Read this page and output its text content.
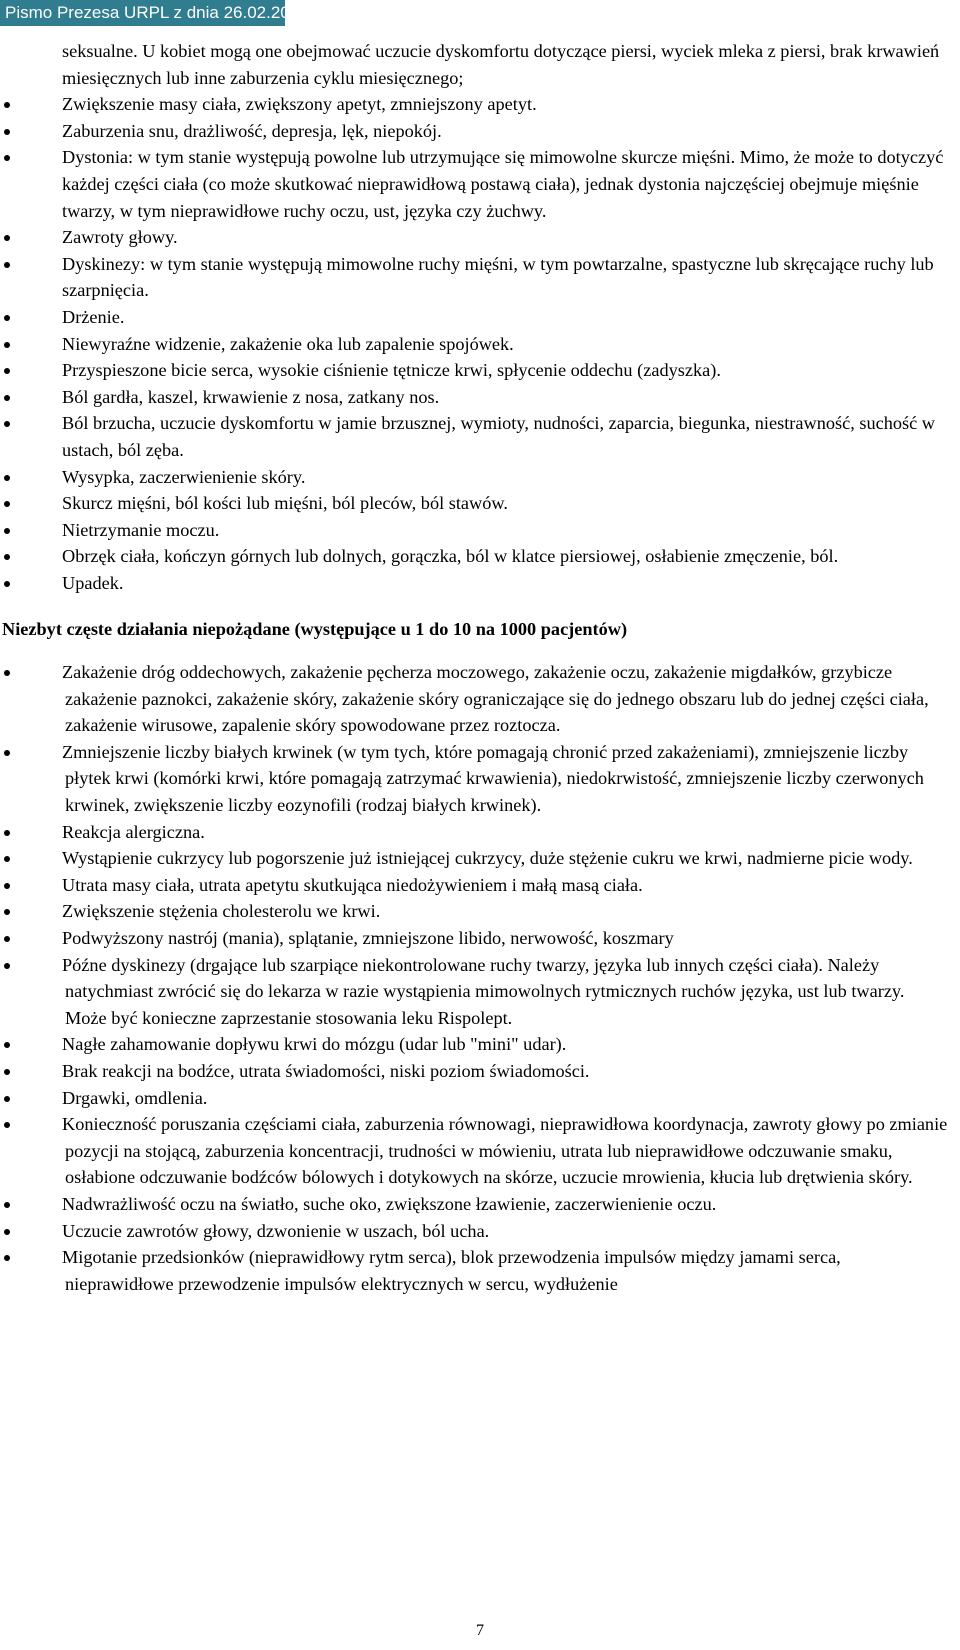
Pismo Prezesa URPL z dnia 26.02.2014
seksualne. U kobiet mogą one obejmować uczucie dyskomfortu dotyczące piersi, wyciek mleka z piersi, brak krwawień miesięcznych lub inne zaburzenia cyklu miesięcznego;
Zwiększenie masy ciała, zwiększony apetyt, zmniejszony apetyt.
Zaburzenia snu, drażliwość, depresja, lęk, niepokój.
Dystonia: w tym stanie występują powolne lub utrzymujące się mimowolne skurcze mięśni. Mimo, że może to dotyczyć każdej części ciała (co może skutkować nieprawidłową postawą ciała), jednak dystonia najczęściej obejmuje mięśnie twarzy, w tym nieprawidłowe ruchy oczu, ust, języka czy żuchwy.
Zawroty głowy.
Dyskinezy: w tym stanie występują mimowolne ruchy mięśni, w tym powtarzalne, spastyczne lub skręcające ruchy lub szarpnięcia.
Drżenie.
Niewyraźne widzenie, zakażenie oka lub zapalenie spojówek.
Przyspieszone bicie serca, wysokie ciśnienie tętnicze krwi, spłycenie oddechu (zadyszka).
Ból gardła, kaszel, krwawienie z nosa, zatkany nos.
Ból brzucha, uczucie dyskomfortu w jamie brzusznej, wymioty, nudności, zaparcia, biegunka, niestrawność, suchość w ustach, ból zęba.
Wysypka, zaczerwienienie skóry.
Skurcz mięśni, ból kości lub mięśni, ból pleców, ból stawów.
Nietrzymanie moczu.
Obrzęk ciała, kończyn górnych lub dolnych, gorączka, ból w klatce piersiowej, osłabienie zmęczenie, ból.
Upadek.
Niezbyt częste działania niepożądane (występujące u 1 do 10 na 1000 pacjentów)
Zakażenie dróg oddechowych, zakażenie pęcherza moczowego, zakażenie oczu, zakażenie migdałków, grzybicze zakażenie paznokci, zakażenie skóry, zakażenie skóry ograniczające się do jednego obszaru lub do jednej części ciała, zakażenie wirusowe, zapalenie skóry spowodowane przez roztocza.
Zmniejszenie liczby białych krwinek (w tym tych, które pomagają chronić przed zakażeniami), zmniejszenie liczby płytek krwi (komórki krwi, które pomagają zatrzymać krwawienia), niedokrwistość, zmniejszenie liczby czerwonych krwinek, zwiększenie liczby eozynofili (rodzaj białych krwinek).
Reakcja alergiczna.
Wystąpienie cukrzycy lub pogorszenie już istniejącej cukrzycy, duże stężenie cukru we krwi, nadmierne picie wody.
Utrata masy ciała, utrata apetytu skutkująca niedożywieniem i małą masą ciała.
Zwiększenie stężenia cholesterolu we krwi.
Podwyższony nastrój (mania), splątanie, zmniejszone libido, nerwowość, koszmary
Późne dyskinezy (drgające lub szarpiące niekontrolowane ruchy twarzy, języka lub innych części ciała). Należy natychmiast zwrócić się do lekarza w razie wystąpienia mimowolnych rytmicznych ruchów języka, ust lub twarzy. Może być konieczne zaprzestanie stosowania leku Rispolept.
Nagłe zahamowanie dopływu krwi do mózgu (udar lub "mini" udar).
Brak reakcji na bodźce, utrata świadomości, niski poziom świadomości.
Drgawki, omdlenia.
Konieczność poruszania częściami ciała, zaburzenia równowagi, nieprawidłowa koordynacja, zawroty głowy po zmianie pozycji na stojącą, zaburzenia koncentracji, trudności w mówieniu, utrata lub nieprawidłowe odczuwanie smaku, osłabione odczuwanie bodźców bólowych i dotykowych na skórze, uczucie mrowienia, kłucia lub drętwienia skóry.
Nadwrażliwość oczu na światło, suche oko, zwiększone łzawienie, zaczerwienienie oczu.
Uczucie zawrotów głowy, dzwonienie w uszach, ból ucha.
Migotanie przedsionków (nieprawidłowy rytm serca), blok przewodzenia impulsów między jamami serca, nieprawidłowe przewodzenie impulsów elektrycznych w sercu, wydłużenie
7
